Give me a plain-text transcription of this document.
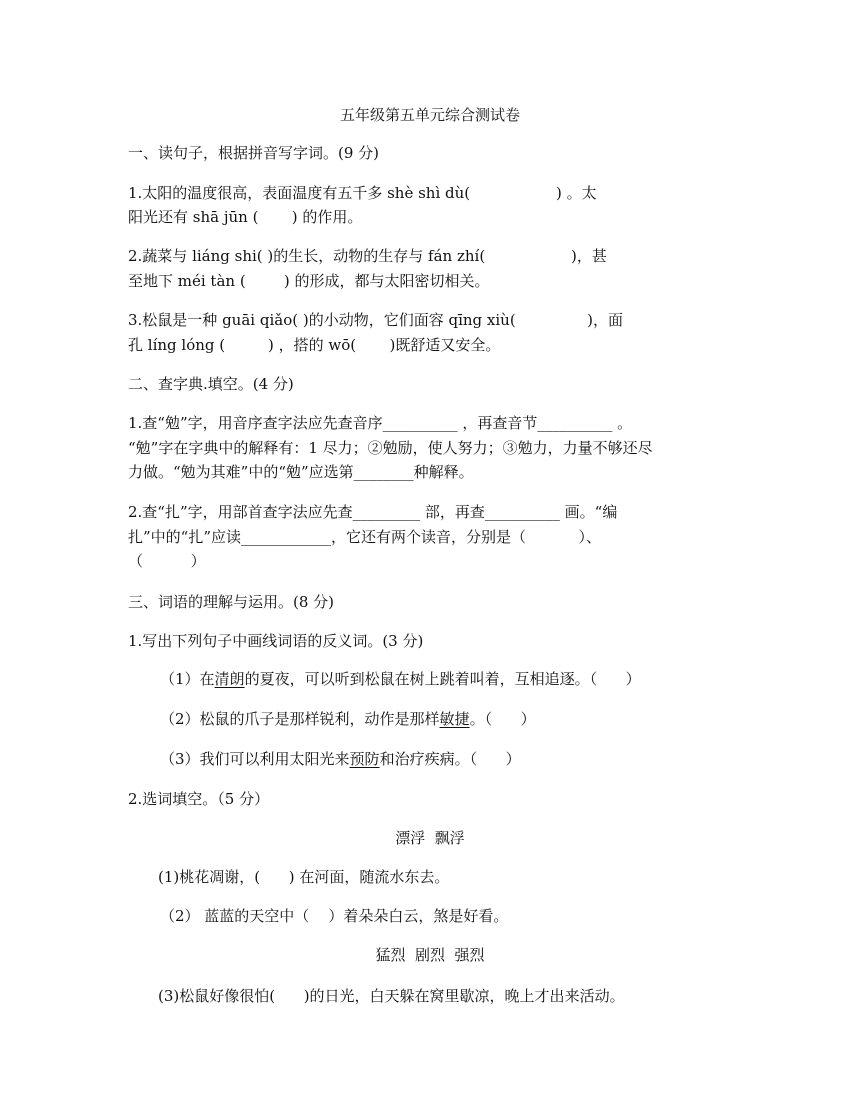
五年级第五单元综合测试卷
一、读句子，根据拼音写字词。(9 分)
1.太阳的温度很高，表面温度有五千多 shè shì dù(                  ) 。太
阳光还有 shā jūn (       ) 的作用。
2.蔬菜与 liáng shi( )的生长，动物的生存与 fán zhí(                  )，甚
至地下 méi tàn (        ) 的形成，都与太阳密切相关。
3.松鼠是一种 guāi qiǎo( )的小动物，它们面容 qīng xiù(               )，面
孔 líng lóng (         ) ，搭的 wō(       )既舒适又安全。
二、查字典.填空。(4 分)
1.查“勉”字，用音序查字法应先查音序__________ ，再查音节__________ 。
“勉”字在字典中的解释有：1 尽力；②勉励，使人努力；③勉力，力量不够还尽
力做。“勉为其难”中的“勉”应选第________种解释。
2.查“扎”字，用部首查字法应先查_________ 部，再查__________ 画。“编
扎”中的“扎”应读____________，它还有两个读音，分别是（           ）、
（          ）
三、词语的理解与运用。(8 分)
1.写出下列句子中画线词语的反义词。(3 分)
（1）在清朗的夏夜，可以听到松鼠在树上跳着叫着，互相追逐。（      ）
（2）松鼠的爪子是那样锐利，动作是那样敏捷。（      ）
（3）我们可以利用太阳光来预防和治疗疾病。（      ）
2.选词填空。（5 分）
漂浮  飘浮
(1)桃花凋谢，(      ) 在河面，随流水东去。
（2） 蓝蓝的天空中（    ）着朵朵白云，煞是好看。
猛烈  剧烈  强烈
(3)松鼠好像很怕(      )的日光，白天躲在窝里歇凉，晚上才出来活动。
